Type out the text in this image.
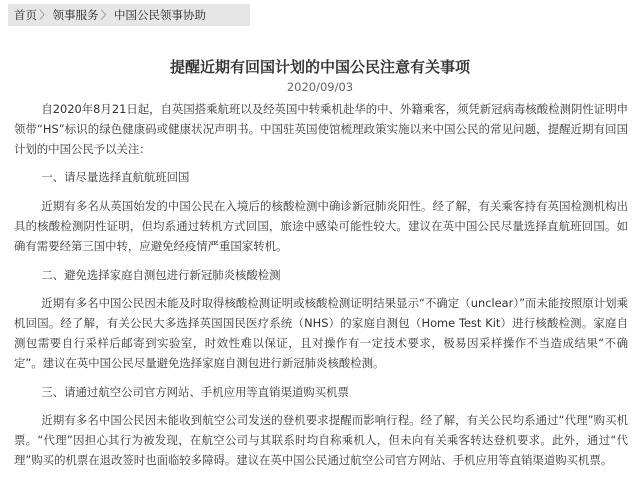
首页 〉 领事服务 〉 中国公民领事协助
提醒近期有回国计划的中国公民注意有关事项
2020/09/03

自2020年8月21日起，自英国搭乘航班以及经英国中转乘机赴华的中、外籍乘客，须凭新冠病毒核酸检测阴性证明申领带“HS”标识的绿色健康码或健康状况声明书。中国驻英国使馆梳理政策实施以来中国公民的常见问题，提醒近期有回国计划的中国公民予以关注：

一、请尽量选择直航航班回国

近期有多名从英国始发的中国公民在入境后的核酸检测中确诊新冠肺炎阳性。经了解，有关乘客持有英国检测机构出具的核酸检测阴性证明，但均系通过转机方式回国，旅途中感染可能性较大。建议在英中国公民尽量选择直航班回国。如确有需要经第三国中转，应避免经疫情严重国家转机。

二、避免选择家庭自测包进行新冠肺炎核酸检测

近期有多名中国公民因未能及时取得核酸检测证明或核酸检测证明结果显示“不确定（unclear）”而未能按照原计划乘机回国。经了解，有关公民大多选择英国国民医疗系统（NHS）的家庭自测包（Home Test Kit）进行核酸检测。家庭自测包需要自行采样后邮寄到实验室，时效性难以保证，且对操作有一定技术要求，极易因采样操作不当造成结果“不确定”。建议在英中国公民尽量避免选择家庭自测包进行新冠肺炎核酸检测。

三、请通过航空公司官方网站、手机应用等直销渠道购买机票

近期有多名中国公民因未能收到航空公司发送的登机要求提醒而影响行程。经了解，有关公民均系通过“代理”购买机票。“代理”因担心其行为被发现，在航空公司与其联系时均自称乘机人，但未向有关乘客转达登机要求。此外，通过“代理”购买的机票在退改签时也面临较多障碍。建议在英中国公民通过航空公司官方网站、手机应用等直销渠道购买机票。
